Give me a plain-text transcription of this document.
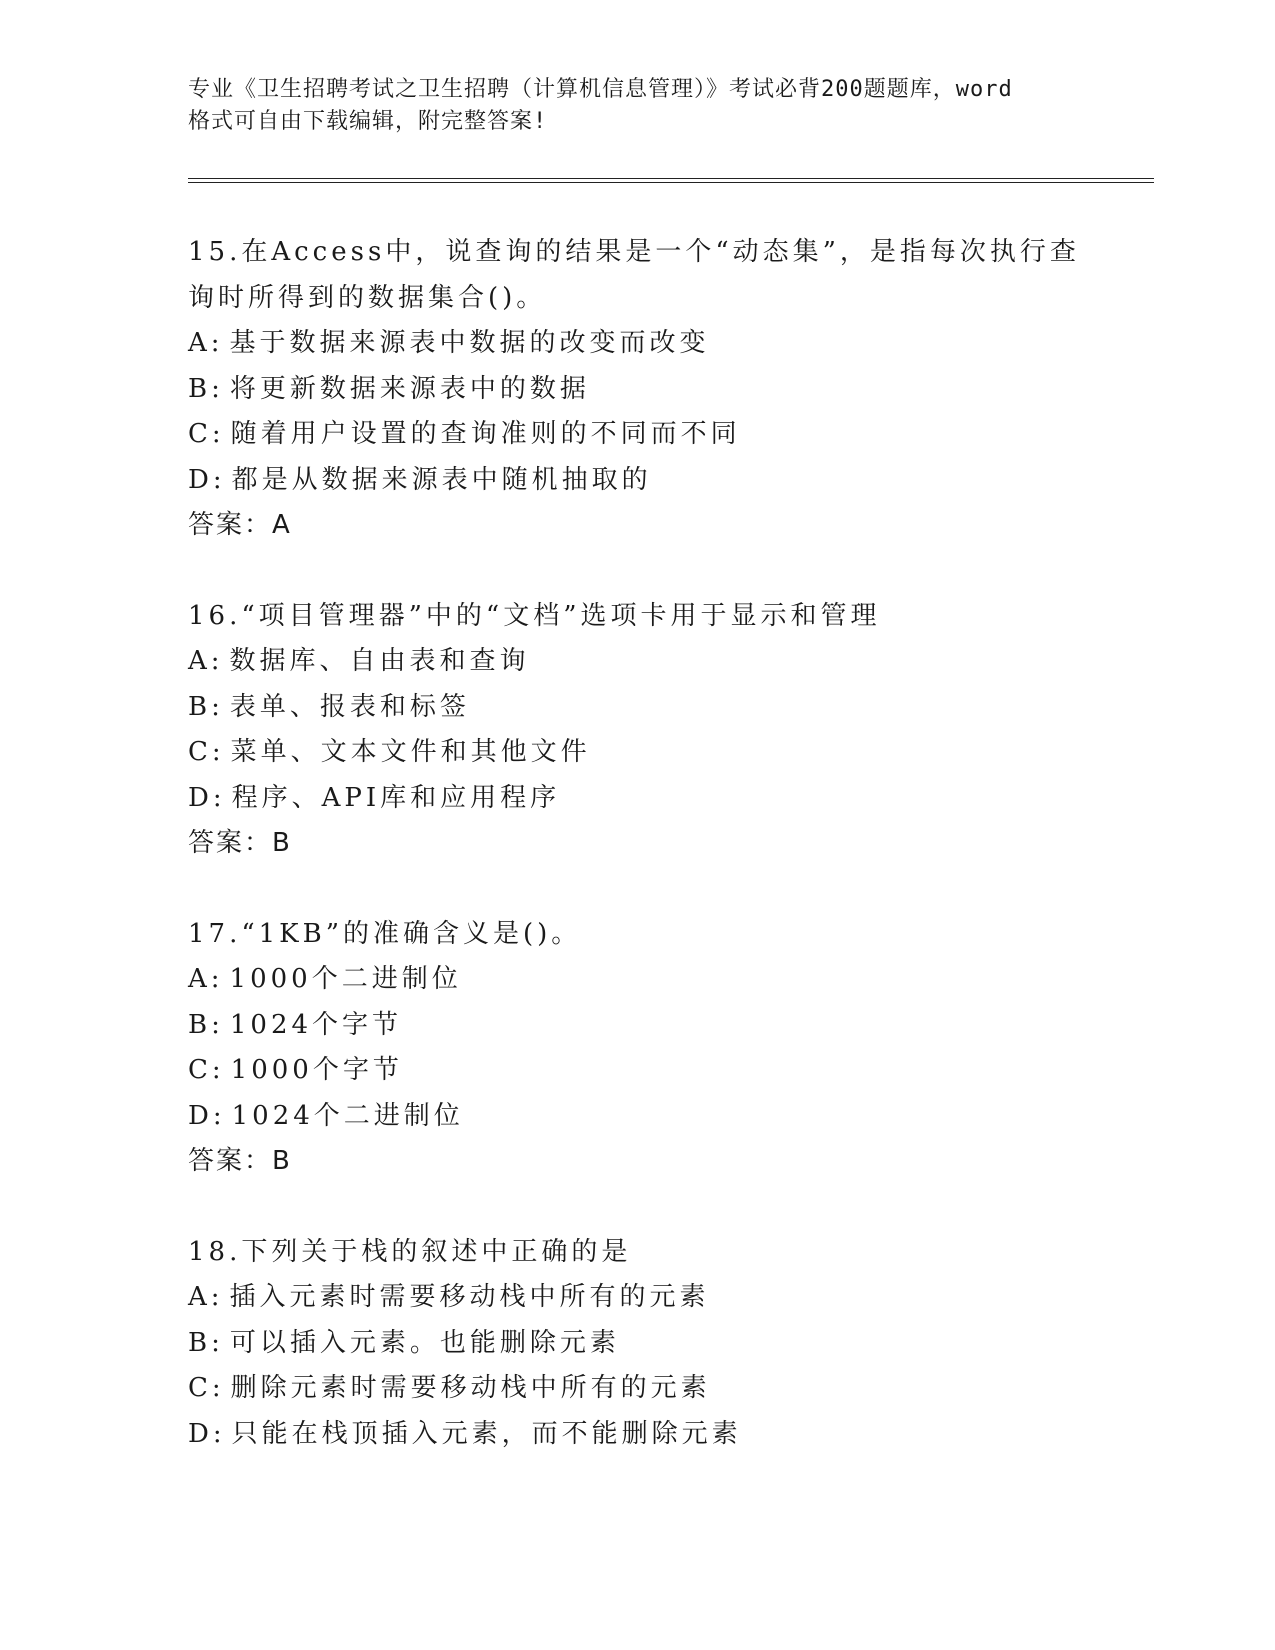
专业《卫生招聘考试之卫生招聘（计算机信息管理）》考试必背200题题库，word
格式可自由下载编辑，附完整答案!
15.在Access中，说查询的结果是一个“动态集”，是指每次执行查
询时所得到的数据集合()。
A: 基于数据来源表中数据的改变而改变
B: 将更新数据来源表中的数据
C: 随着用户设置的查询准则的不同而不同
D: 都是从数据来源表中随机抽取的
答案：A
16.“项目管理器”中的“文档”选项卡用于显示和管理
A: 数据库、自由表和查询
B: 表单、报表和标签
C: 菜单、文本文件和其他文件
D: 程序、API库和应用程序
答案：B
17.“1KB”的准确含义是()。
A: 1000个二进制位
B: 1024个字节
C: 1000个字节
D: 1024个二进制位
答案：B
18.下列关于栈的叙述中正确的是
A: 插入元素时需要移动栈中所有的元素
B: 可以插入元素。也能删除元素
C: 删除元素时需要移动栈中所有的元素
D: 只能在栈顶插入元素，而不能删除元素
